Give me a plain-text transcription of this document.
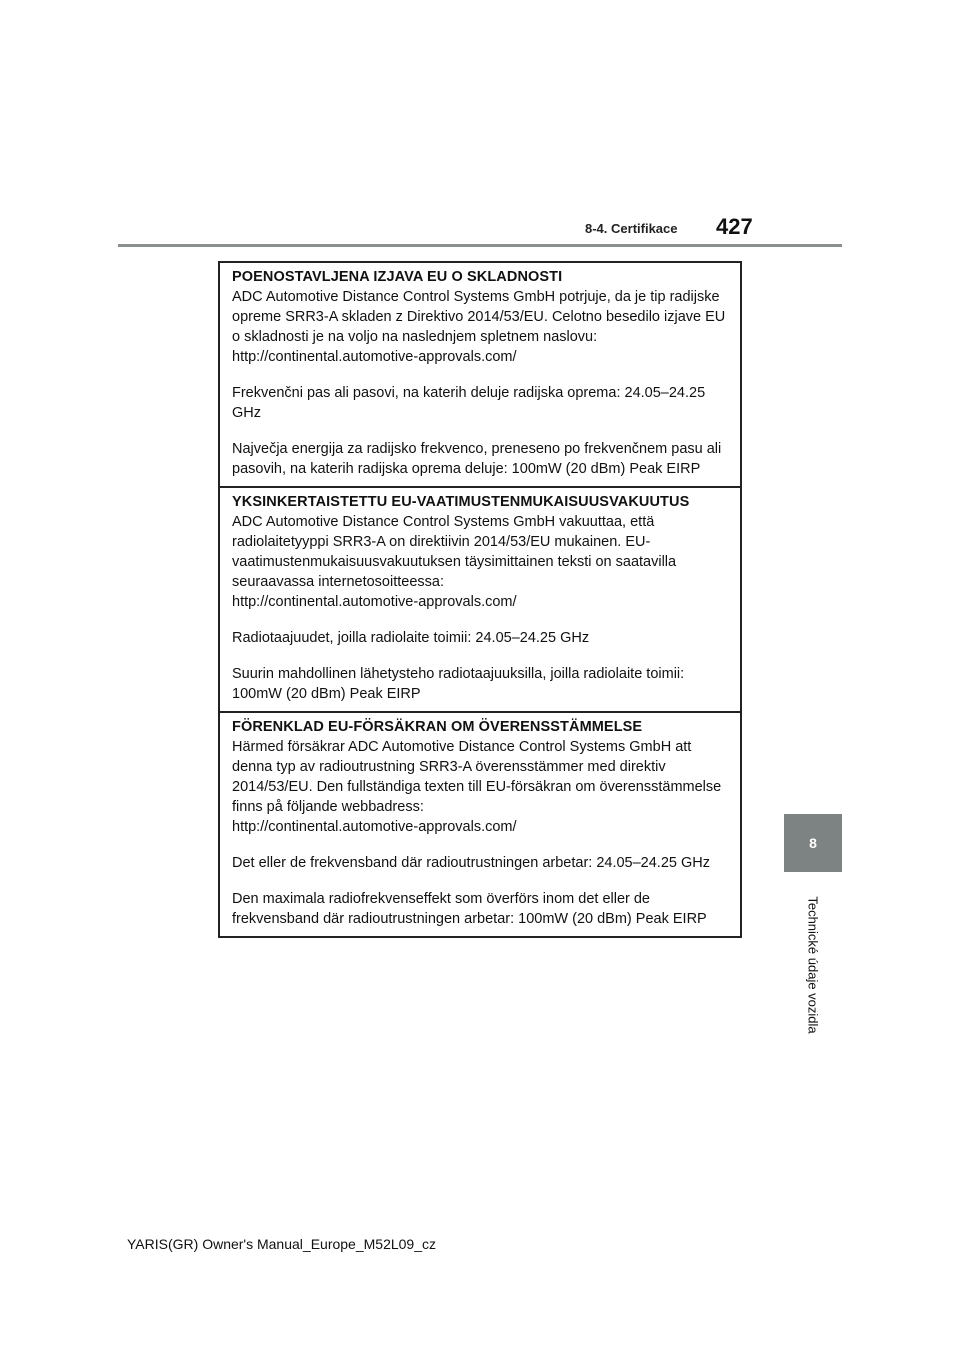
8-4. Certifikace 427
8
Technické údaje vozidla
POENOSTAVLJENA IZJAVA EU O SKLADNOSTI

ADC Automotive Distance Control Systems GmbH potrjuje, da je tip radijske opreme SRR3-A skladen z Direktivo 2014/53/EU. Celotno besedilo izjave EU o skladnosti je na voljo na naslednjem spletnem naslovu:

http://continental.automotive-approvals.com/

Frekvenčni pas ali pasovi, na katerih deluje radijska oprema: 24.05–24.25 GHz

Največja energija za radijsko frekvenco, preneseno po frekvenčnem pasu ali pasovih, na katerih radijska oprema deluje: 100mW (20 dBm) Peak EIRP

YKSINKERTAISTETTU EU-VAATIMUSTENMUKAISUUSVAKUUTUS

ADC Automotive Distance Control Systems GmbH vakuuttaa, että radiolaitetyyppi SRR3-A on direktiivin 2014/53/EU mukainen. EU-vaatimustenmukaisuusvakuutuksen täysimittainen teksti on saatavilla seuraavassa internetosoitteessa:

http://continental.automotive-approvals.com/

Radiotaajuudet, joilla radiolaite toimii: 24.05–24.25 GHz

Suurin mahdollinen lähetysteho radiotaajuuksilla, joilla radiolaite toimii: 100mW (20 dBm) Peak EIRP

FÖRENKLAD EU-FÖRSÄKRAN OM ÖVERENSSTÄMMELSE

Härmed försäkrar ADC Automotive Distance Control Systems GmbH att denna typ av radioutrustning SRR3-A överensstämmer med direktiv 2014/53/EU. Den fullständiga texten till EU-försäkran om överensstämmelse finns på följande webbadress:

http://continental.automotive-approvals.com/

Det eller de frekvensband där radioutrustningen arbetar: 24.05–24.25 GHz

Den maximala radiofrekvenseffekt som överförs inom det eller de frekvensband där radioutrustningen arbetar: 100mW (20 dBm) Peak EIRP

YARIS(GR) Owner's Manual_Europe_M52L09_cz
